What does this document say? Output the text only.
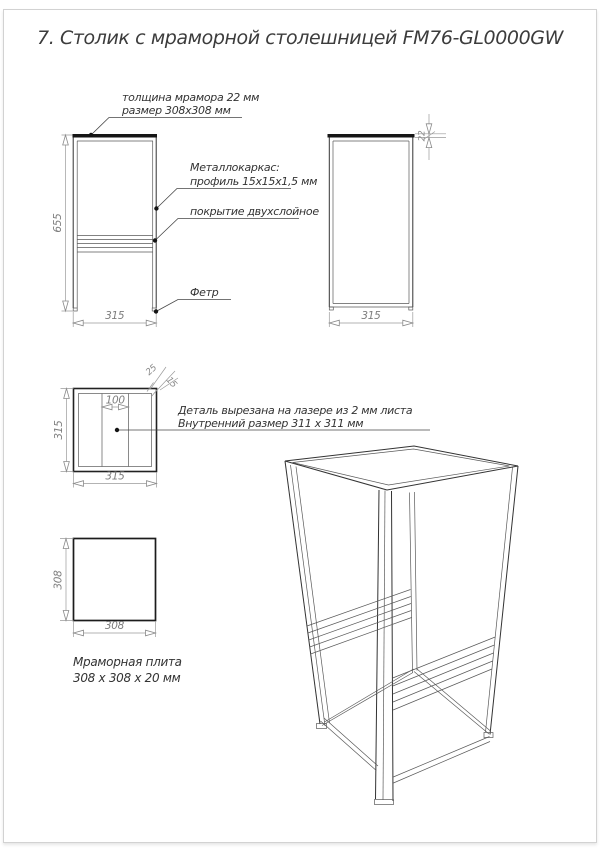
7. Столик с мраморной столешницей FM76-GL0000GW
655
315
толщина мрамора 22 мм
размер 308х308 мм
Металлокаркас:
профиль 15х15х1,5 мм
покрытие двухслойное
Фетр
22
315
100
25
15
315
315
Деталь вырезана на лазере из 2 мм листа
Внутренний размер 311 х 311 мм
308
308
Мраморная плита
308 х 308 х 20 мм
